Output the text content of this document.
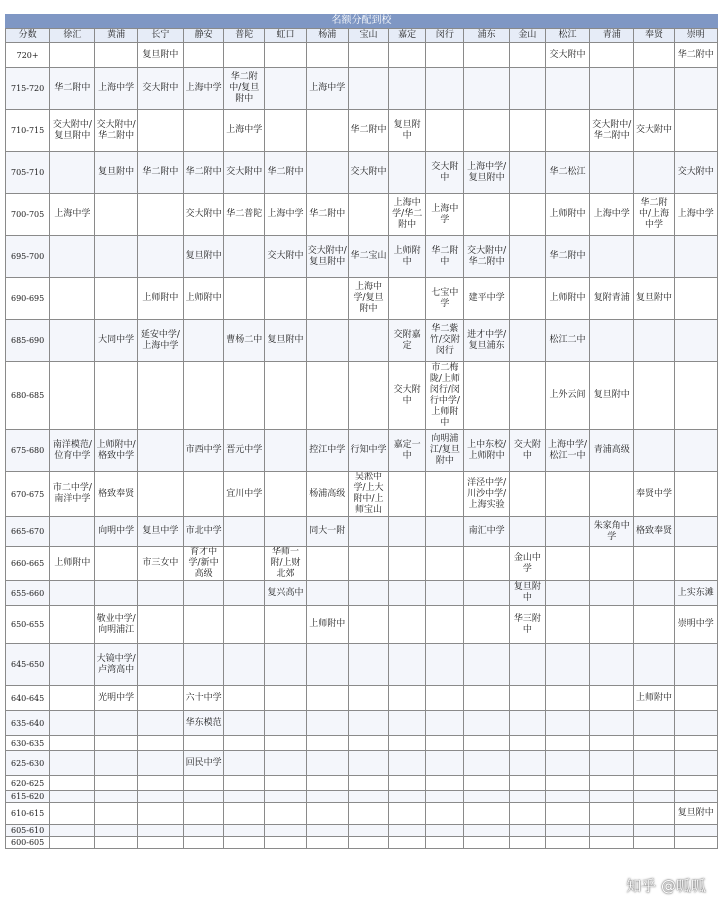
名额分配到校
分数	徐汇	黄浦	长宁	静安	普陀	虹口	杨浦	宝山	嘉定	闵行	浦东	金山	松江	青浦	奉贤	崇明
720+			复旦附中										交大附中			华二附中
715-720	华二附中	上海中学	交大附中	上海中学	华二附中/复旦附中		上海中学									
710-715	交大附中/复旦附中	交大附中/华二附中			上海中学			华二附中	复旦附中					交大附中/华二附中	交大附中	
705-710		复旦附中	华二附中	华二附中	交大附中	华二附中		交大附中		交大附中	上海中学/复旦附中		华二松江			交大附中
700-705	上海中学			交大附中	华二普陀	上海中学	华二附中		上海中学/华二附中	上海中学			上师附中	上海中学	华二附中/上海中学	上海中学
695-700				复旦附中		交大附中	交大附中/复旦附中	华二宝山	上师附中	华二附中	交大附中/华二附中		华二附中			
690-695			上师附中	上师附中				上海中学/复旦附中		七宝中学	建平中学		上师附中	复附青浦	复旦附中	
685-690		大同中学	延安中学/上海中学		曹杨二中	复旦附中			交附嘉定	华二紫竹/交附闵行	进才中学/复旦浦东		松江二中			
680-685									交大附中	市二梅陇/上师闵行/闵行中学/上师附中			上外云间	复旦附中		
675-680	南洋模范/位育中学	上师附中/格致中学		市西中学	晋元中学		控江中学	行知中学	嘉定一中	向明浦江/复旦附中	上中东校/上师附中	交大附中	上海中学/松江一中	青浦高级		
670-675	市二中学/南洋中学	格致奉贤			宜川中学		杨浦高级	吴淞中学/上大附中/上师宝山			洋泾中学/川沙中学/上海实验				奉贤中学	
665-670		向明中学	复旦中学	市北中学			同大一附				南汇中学			朱家角中学	格致奉贤	
660-665	上师附中		市三女中	育才中学/新中高级		华师一附/上财北郊						金山中学				
655-660						复兴高中						复旦附中				上实东滩
650-655		敬业中学/向明浦江					上师附中					华三附中				崇明中学
645-650		大镜中学/卢湾高中														
640-645		光明中学		六十中学											上师附中	
635-640				华东模范												
630-635																
625-630				回民中学												
620-625																
615-620																
610-615																复旦附中
605-610																
600-605																
知乎 @呱呱
